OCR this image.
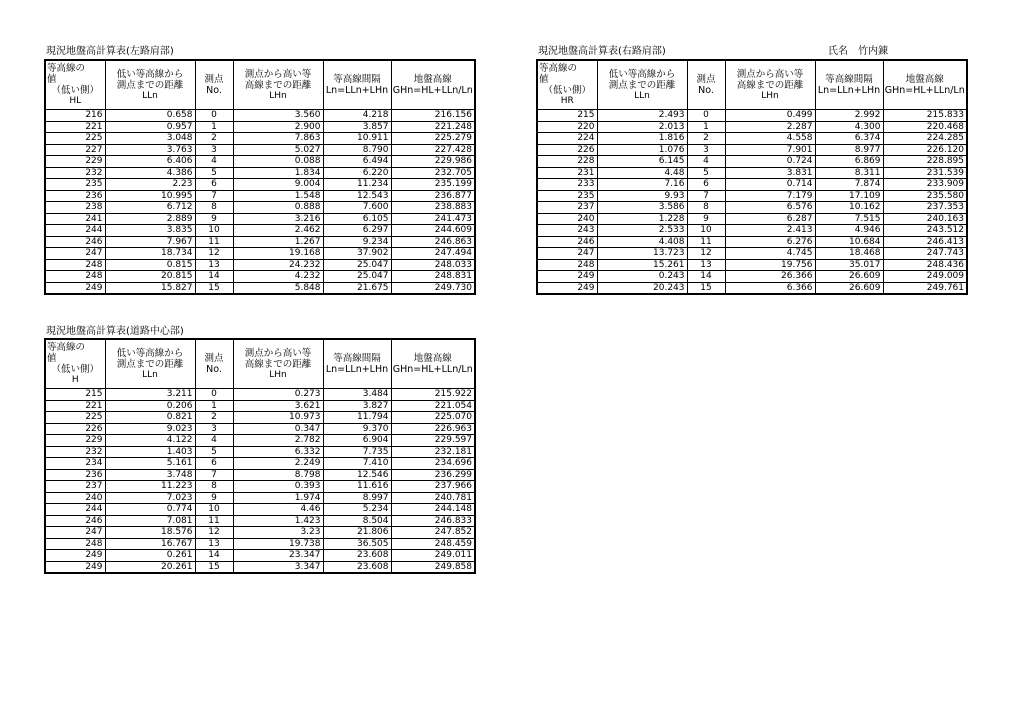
現況地盤高計算表(左路肩部)	現況地盤高計算表(右路肩部)	氏名　竹内錬
現況地盤高計算表(道路中心部)
等高線の
値
（低い側）
HL	低い等高線から
測点までの距離
LLn	測点
No.	測点から高い等
高線までの距離
LHn	等高線間隔
Ln=LLn+LHn	地盤高線
GHn=HL+LLn/Ln

216	0.658	0	3.560	4.218	216.156
221	0.957	1	2.900	3.857	221.248
225	3.048	2	7.863	10.911	225.279
227	3.763	3	5.027	8.790	227.428
229	6.406	4	0.088	6.494	229.986
232	4.386	5	1.834	6.220	232.705
235	2.23	6	9.004	11.234	235.199
236	10.995	7	1.548	12.543	236.877
238	6.712	8	0.888	7.600	238.883
241	2.889	9	3.216	6.105	241.473
244	3.835	10	2.462	6.297	244.609
246	7.967	11	1.267	9.234	246.863
247	18.734	12	19.168	37.902	247.494
248	0.815	13	24.232	25.047	248.033
248	20.815	14	4.232	25.047	248.831
249	15.827	15	5.848	21.675	249.730
等高線の
値
（低い側）
HR	低い等高線から
測点までの距離
LLn	測点
No.	測点から高い等
高線までの距離
LHn	等高線間隔
Ln=LLn+LHn	地盤高線
GHn=HL+LLn/Ln

215	2.493	0	0.499	2.992	215.833
220	2.013	1	2.287	4.300	220.468
224	1.816	2	4.558	6.374	224.285
226	1.076	3	7.901	8.977	226.120
228	6.145	4	0.724	6.869	228.895
231	4.48	5	3.831	8.311	231.539
233	7.16	6	0.714	7.874	233.909
235	9.93	7	7.179	17.109	235.580
237	3.586	8	6.576	10.162	237.353
240	1.228	9	6.287	7.515	240.163
243	2.533	10	2.413	4.946	243.512
246	4.408	11	6.276	10.684	246.413
247	13.723	12	4.745	18.468	247.743
248	15.261	13	19.756	35.017	248.436
249	0.243	14	26.366	26.609	249.009
249	20.243	15	6.366	26.609	249.761
等高線の
値
（低い側）
H	低い等高線から
測点までの距離
LLn	測点
No.	測点から高い等
高線までの距離
LHn	等高線間隔
Ln=LLn+LHn	地盤高線
GHn=HL+LLn/Ln

215	3.211	0	0.273	3.484	215.922
221	0.206	1	3.621	3.827	221.054
225	0.821	2	10.973	11.794	225.070
226	9.023	3	0.347	9.370	226.963
229	4.122	4	2.782	6.904	229.597
232	1.403	5	6.332	7.735	232.181
234	5.161	6	2.249	7.410	234.696
236	3.748	7	8.798	12.546	236.299
237	11.223	8	0.393	11.616	237.966
240	7.023	9	1.974	8.997	240.781
244	0.774	10	4.46	5.234	244.148
246	7.081	11	1.423	8.504	246.833
247	18.576	12	3.23	21.806	247.852
248	16.767	13	19.738	36.505	248.459
249	0.261	14	23.347	23.608	249.011
249	20.261	15	3.347	23.608	249.858
